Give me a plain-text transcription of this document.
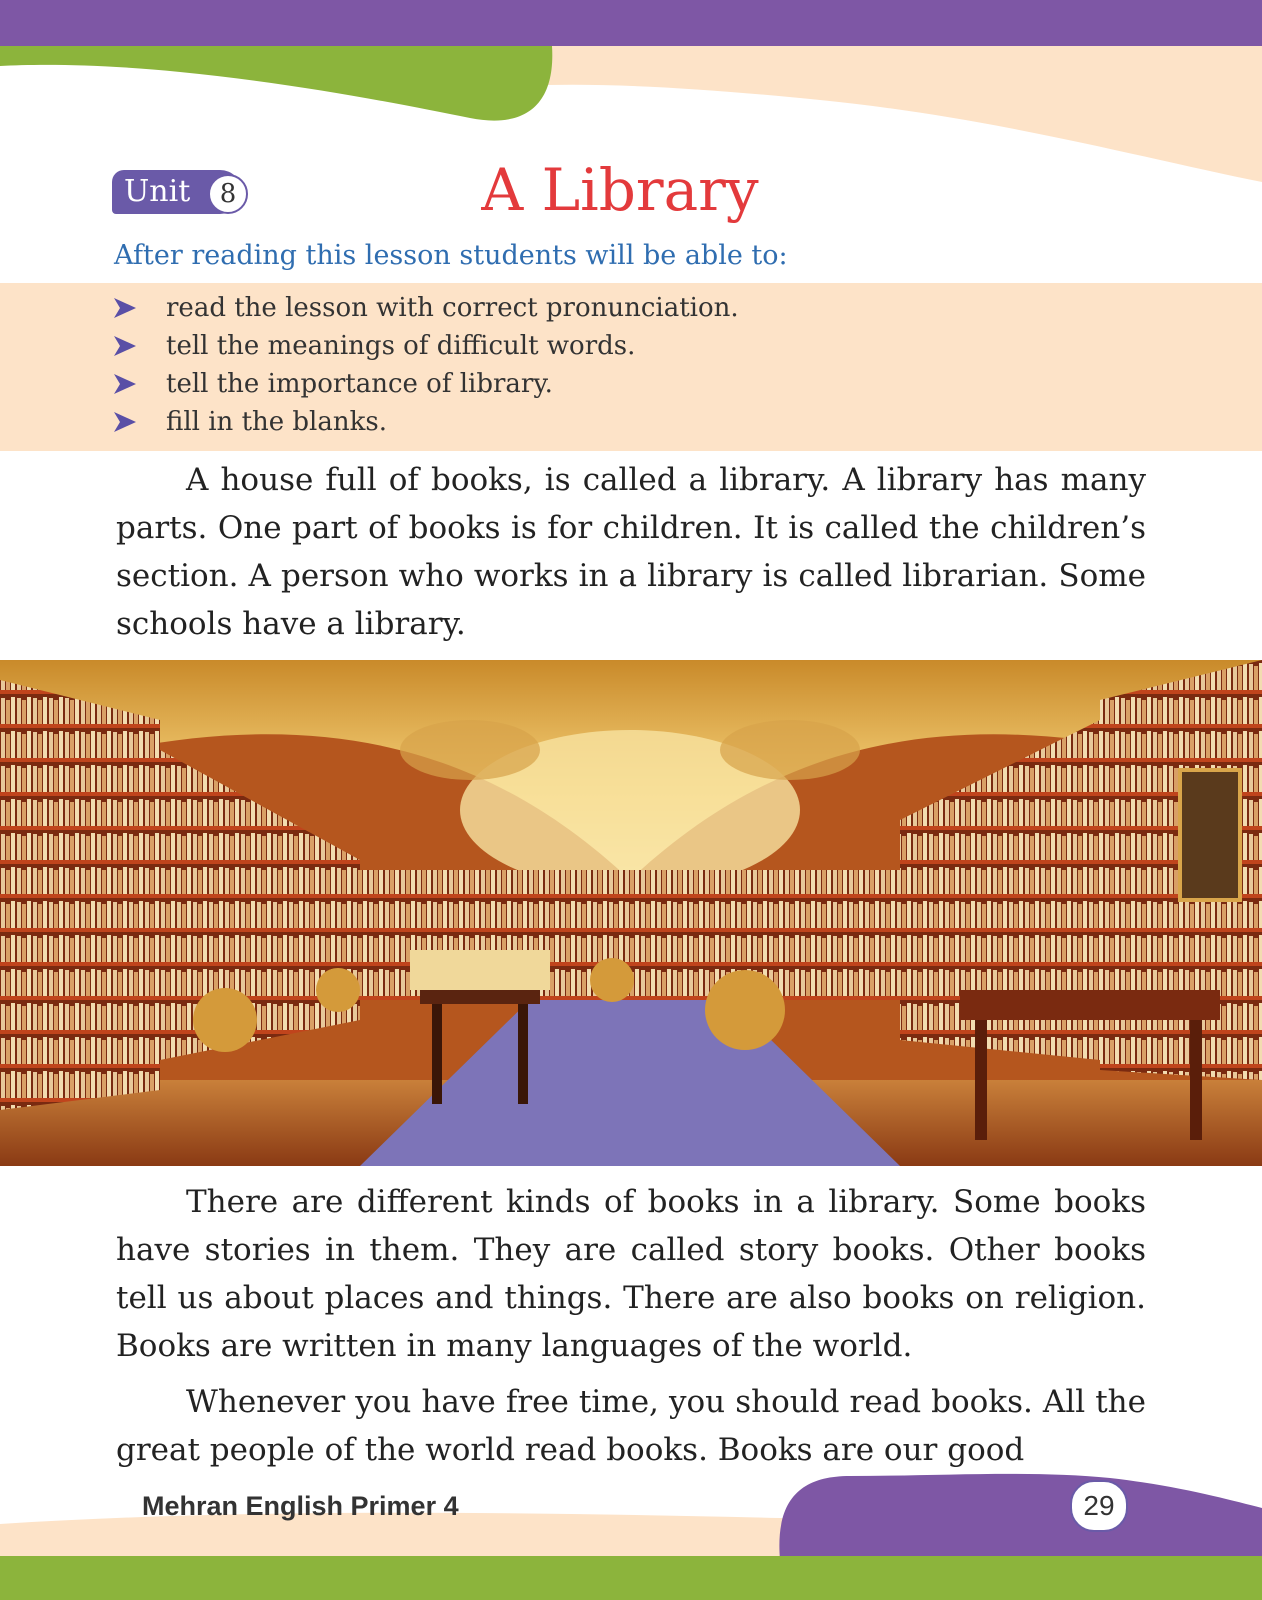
Unit	8	A Library
After reading this lesson students will be able to:
read the lesson with correct pronunciation.
tell the meanings of difficult words.
tell the importance of library.
fill in the blanks.

A house full of books, is called a library. A library has many parts. One part of books is for children. It is called the children’s section. A person who works in a library is called librarian. Some schools have a library.

There are different kinds of books in a library. Some books have stories in them. They are called story books. Other books tell us about places and things. There are also books on religion. Books are written in many languages of the world.

Whenever you have free time, you should read books. All the great people of the world read books. Books are our good

Mehran English Primer 4	29
